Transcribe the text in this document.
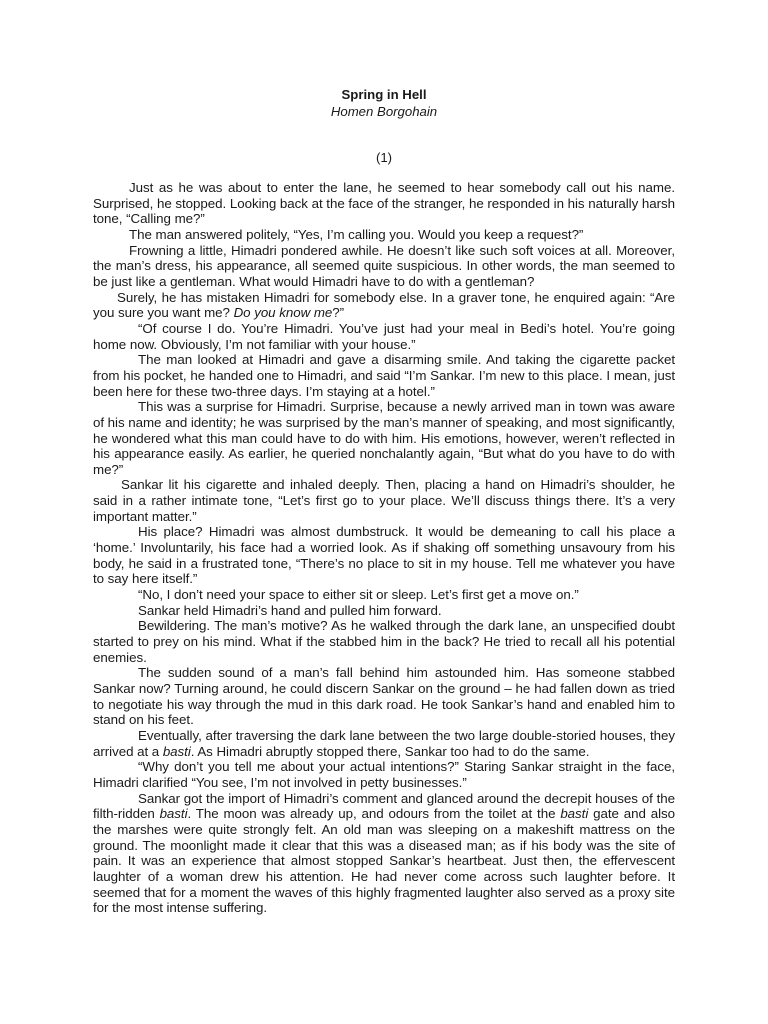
Spring in Hell
Homen Borgohain
(1)

Just as he was about to enter the lane, he seemed to hear somebody call out his name. Surprised, he stopped. Looking back at the face of the stranger, he responded in his naturally harsh tone, “Calling me?”

The man answered politely, “Yes, I’m calling you. Would you keep a request?”

Frowning a little, Himadri pondered awhile. He doesn’t like such soft voices at all. Moreover, the man’s dress, his appearance, all seemed quite suspicious. In other words, the man seemed to be just like a gentleman. What would Himadri have to do with a gentleman?

Surely, he has mistaken Himadri for somebody else. In a graver tone, he enquired again: “Are you sure you want me? Do you know me?”

“Of course I do. You’re Himadri. You’ve just had your meal in Bedi’s hotel. You’re going home now. Obviously, I’m not familiar with your house.”

The man looked at Himadri and gave a disarming smile. And taking the cigarette packet from his pocket, he handed one to Himadri, and said “I’m Sankar. I’m new to this place. I mean, just been here for these two-three days. I’m staying at a hotel.”

This was a surprise for Himadri. Surprise, because a newly arrived man in town was aware of his name and identity; he was surprised by the man’s manner of speaking, and most significantly, he wondered what this man could have to do with him. His emotions, however, weren’t reflected in his appearance easily. As earlier, he queried nonchalantly again, “But what do you have to do with me?”

Sankar lit his cigarette and inhaled deeply. Then, placing a hand on Himadri’s shoulder, he said in a rather intimate tone, “Let’s first go to your place. We’ll discuss things there. It’s a very important matter.”

His place? Himadri was almost dumbstruck. It would be demeaning to call his place a ‘home.’ Involuntarily, his face had a worried look. As if shaking off something unsavoury from his body, he said in a frustrated tone, “There’s no place to sit in my house. Tell me whatever you have to say here itself.”

“No, I don’t need your space to either sit or sleep. Let’s first get a move on.”

Sankar held Himadri’s hand and pulled him forward.

Bewildering. The man’s motive? As he walked through the dark lane, an unspecified doubt started to prey on his mind. What if the stabbed him in the back? He tried to recall all his potential enemies.

The sudden sound of a man’s fall behind him astounded him. Has someone stabbed Sankar now? Turning around, he could discern Sankar on the ground – he had fallen down as tried to negotiate his way through the mud in this dark road. He took Sankar’s hand and enabled him to stand on his feet.

Eventually, after traversing the dark lane between the two large double-storied houses, they arrived at a basti. As Himadri abruptly stopped there, Sankar too had to do the same.

“Why don’t you tell me about your actual intentions?” Staring Sankar straight in the face, Himadri clarified “You see, I’m not involved in petty businesses.”

Sankar got the import of Himadri’s comment and glanced around the decrepit houses of the filth-ridden basti. The moon was already up, and odours from the toilet at the basti gate and also the marshes were quite strongly felt. An old man was sleeping on a makeshift mattress on the ground. The moonlight made it clear that this was a diseased man; as if his body was the site of pain. It was an experience that almost stopped Sankar’s heartbeat. Just then, the effervescent laughter of a woman drew his attention. He had never come across such laughter before. It seemed that for a moment the waves of this highly fragmented laughter also served as a proxy site for the most intense suffering.
